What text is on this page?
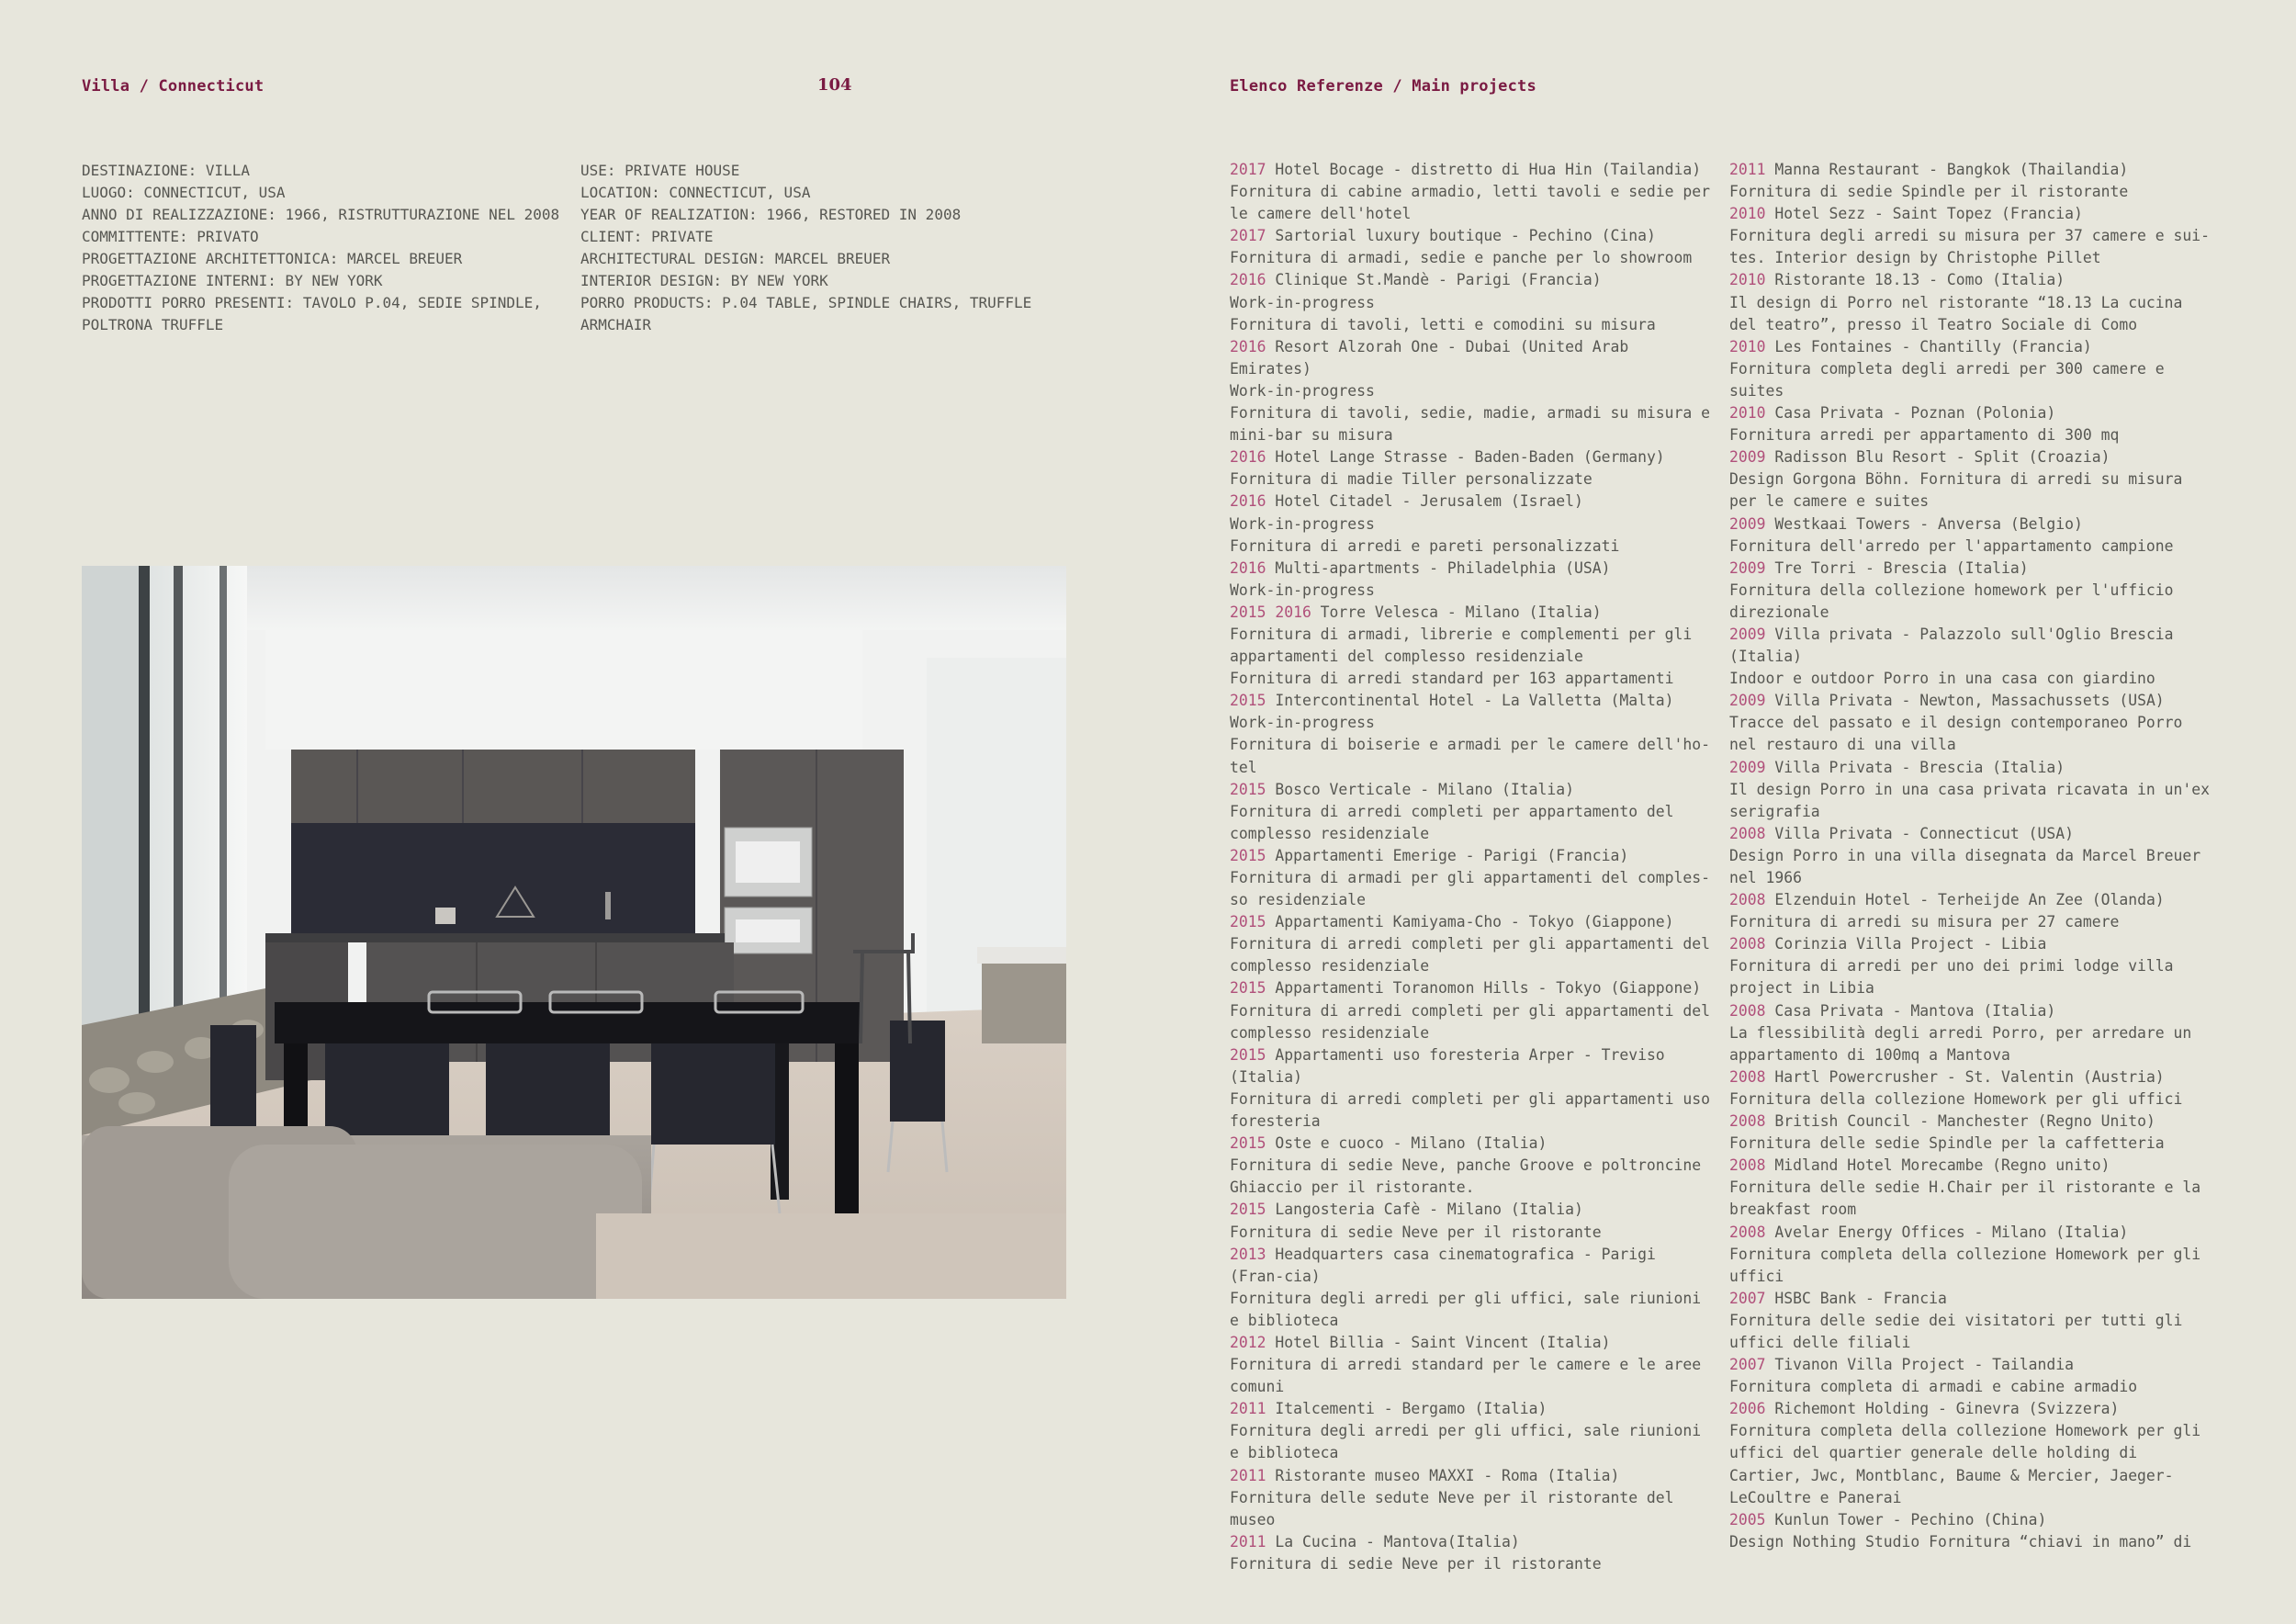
Villa / Connecticut	104	Elenco Referenze / Main projects
DESTINAZIONE: VILLA
LUOGO: CONNECTICUT, USA
ANNO DI REALIZZAZIONE: 1966, RISTRUTTURAZIONE NEL 2008
COMMITTENTE: PRIVATO
PROGETTAZIONE ARCHITETTONICA: MARCEL BREUER
PROGETTAZIONE INTERNI: BY NEW YORK
PRODOTTI PORRO PRESENTI: TAVOLO P.04, SEDIE SPINDLE, POLTRONA TRUFFLE
USE: PRIVATE HOUSE
LOCATION: CONNECTICUT, USA
YEAR OF REALIZATION: 1966, RESTORED IN 2008
CLIENT: PRIVATE
ARCHITECTURAL DESIGN: MARCEL BREUER
INTERIOR DESIGN: BY NEW YORK
PORRO PRODUCTS: P.04 TABLE, SPINDLE CHAIRS, TRUFFLE ARMCHAIR
2017 Hotel Bocage - distretto di Hua Hin (Tailandia)
Fornitura di cabine armadio, letti tavoli e sedie per le camere dell'hotel
2017 Sartorial luxury boutique - Pechino (Cina)
Fornitura di armadi, sedie e panche per lo showroom
2016 Clinique St.Mandè - Parigi (Francia)
Work-in-progress
Fornitura di tavoli, letti e comodini su misura
2016 Resort Alzorah One - Dubai (United Arab Emirates)
Work-in-progress
Fornitura di tavoli, sedie, madie, armadi su misura e mini-bar su misura
2016 Hotel Lange Strasse - Baden-Baden (Germany)
Fornitura di madie Tiller personalizzate
2016 Hotel Citadel - Jerusalem (Israel)
Work-in-progress
Fornitura di arredi e pareti personalizzati
2016 Multi-apartments - Philadelphia (USA)
Work-in-progress
2015 2016 Torre Velesca - Milano (Italia)
Fornitura di armadi, librerie e complementi per gli appartamenti del complesso residenziale
Fornitura di arredi standard per 163 appartamenti
2015 Intercontinental Hotel - La Valletta (Malta)
Work-in-progress
Fornitura di boiserie e armadi per le camere dell'ho-tel
2015 Bosco Verticale - Milano (Italia)
Fornitura di arredi completi per appartamento del complesso residenziale
2015 Appartamenti Emerige - Parigi (Francia)
Fornitura di armadi per gli appartamenti del comples-so residenziale
2015 Appartamenti Kamiyama-Cho - Tokyo (Giappone)
Fornitura di arredi completi per gli appartamenti del complesso residenziale
2015 Appartamenti Toranomon Hills - Tokyo (Giappone)
Fornitura di arredi completi per gli appartamenti del complesso residenziale
2015 Appartamenti uso foresteria Arper - Treviso (Italia)
Fornitura di arredi completi per gli appartamenti uso foresteria
2015 Oste e cuoco - Milano (Italia)
Fornitura di sedie Neve, panche Groove e poltroncine Ghiaccio per il ristorante.
2015 Langosteria Cafè - Milano (Italia)
Fornitura di sedie Neve per il ristorante
2013 Headquarters casa cinematografica - Parigi (Fran-cia)
Fornitura degli arredi per gli uffici, sale riunioni e biblioteca
2012 Hotel Billia - Saint Vincent (Italia)
Fornitura di arredi standard per le camere e le aree comuni
2011 Italcementi - Bergamo (Italia)
Fornitura degli arredi per gli uffici, sale riunioni e biblioteca
2011 Ristorante museo MAXXI - Roma (Italia)
Fornitura delle sedute Neve per il ristorante del museo
2011 La Cucina - Mantova(Italia)
Fornitura di sedie Neve per il ristorante
2011 Manna Restaurant - Bangkok (Thailandia)
Fornitura di sedie Spindle per il ristorante
2010 Hotel Sezz - Saint Topez (Francia)
Fornitura degli arredi su misura per 37 camere e sui-tes. Interior design by Christophe Pillet
2010 Ristorante 18.13 - Como (Italia)
Il design di Porro nel ristorante “18.13 La cucina del teatro”, presso il Teatro Sociale di Como
2010 Les Fontaines - Chantilly (Francia)
Fornitura completa degli arredi per 300 camere e suites
2010 Casa Privata - Poznan (Polonia)
Fornitura arredi per appartamento di 300 mq
2009 Radisson Blu Resort - Split (Croazia)
Design Gorgona Böhn. Fornitura di arredi su misura per le camere e suites
2009 Westkaai Towers - Anversa (Belgio)
Fornitura dell'arredo per l'appartamento campione
2009 Tre Torri - Brescia (Italia)
Fornitura della collezione homework per l'ufficio direzionale
2009 Villa privata - Palazzolo sull'Oglio Brescia (Italia)
Indoor e outdoor Porro in una casa con giardino
2009 Villa Privata - Newton, Massachussets (USA)
Tracce del passato e il design contemporaneo Porro nel restauro di una villa
2009 Villa Privata - Brescia (Italia)
Il design Porro in una casa privata ricavata in un'ex serigrafia
2008 Villa Privata - Connecticut (USA)
Design Porro in una villa disegnata da Marcel Breuer nel 1966
2008 Elzenduin Hotel - Terheijde An Zee (Olanda)
Fornitura di arredi su misura per 27 camere
2008 Corinzia Villa Project - Libia
Fornitura di arredi per uno dei primi lodge villa project in Libia
2008 Casa Privata - Mantova (Italia)
La flessibilità degli arredi Porro, per arredare un appartamento di 100mq a Mantova
2008 Hartl Powercrusher - St. Valentin (Austria)
Fornitura della collezione Homework per gli uffici
2008 British Council - Manchester (Regno Unito)
Fornitura delle sedie Spindle per la caffetteria
2008 Midland Hotel Morecambe (Regno unito)
Fornitura delle sedie H.Chair per il ristorante e la breakfast room
2008 Avelar Energy Offices - Milano (Italia)
Fornitura completa della collezione Homework per gli uffici
2007 HSBC Bank - Francia
Fornitura delle sedie dei visitatori per tutti gli uffici delle filiali
2007 Tivanon Villa Project - Tailandia
Fornitura completa di armadi e cabine armadio
2006 Richemont Holding - Ginevra (Svizzera)
Fornitura completa della collezione Homework per gli uffici del quartier generale delle holding di Cartier, Jwc, Montblanc, Baume & Mercier, Jaeger-LeCoultre e Panerai
2005 Kunlun Tower - Pechino (China)
Design Nothing Studio Fornitura “chiavi in mano” di
